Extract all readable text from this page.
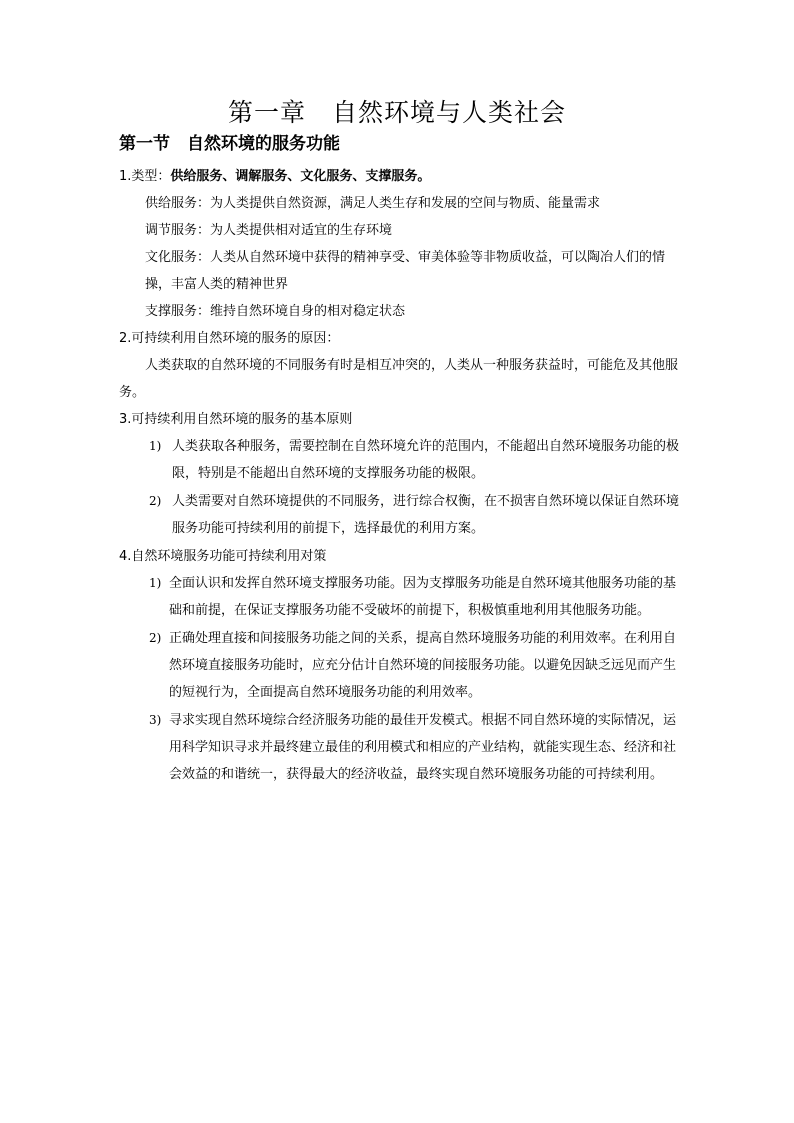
第一章　自然环境与人类社会
第一节　自然环境的服务功能

1.类型：供给服务、调解服务、文化服务、支撑服务。

供给服务：为人类提供自然资源，满足人类生存和发展的空间与物质、能量需求

调节服务：为人类提供相对适宜的生存环境

文化服务：人类从自然环境中获得的精神享受、审美体验等非物质收益，可以陶冶人们的情操，丰富人类的精神世界

支撑服务：维持自然环境自身的相对稳定状态

2.可持续利用自然环境的服务的原因：

人类获取的自然环境的不同服务有时是相互冲突的，人类从一种服务获益时，可能危及其他服务。

3.可持续利用自然环境的服务的基本原则

1) 人类获取各种服务，需要控制在自然环境允许的范围内，不能超出自然环境服务功能的极限，特别是不能超出自然环境的支撑服务功能的极限。
2) 人类需要对自然环境提供的不同服务，进行综合权衡，在不损害自然环境以保证自然环境服务功能可持续利用的前提下，选择最优的利用方案。

4.自然环境服务功能可持续利用对策

1) 全面认识和发挥自然环境支撑服务功能。因为支撑服务功能是自然环境其他服务功能的基础和前提，在保证支撑服务功能不受破坏的前提下，积极慎重地利用其他服务功能。
2) 正确处理直接和间接服务功能之间的关系，提高自然环境服务功能的利用效率。在利用自然环境直接服务功能时，应充分估计自然环境的间接服务功能。以避免因缺乏远见而产生的短视行为，全面提高自然环境服务功能的利用效率。
3) 寻求实现自然环境综合经济服务功能的最佳开发模式。根据不同自然环境的实际情况，运用科学知识寻求并最终建立最佳的利用模式和相应的产业结构，就能实现生态、经济和社会效益的和谐统一，获得最大的经济收益，最终实现自然环境服务功能的可持续利用。
